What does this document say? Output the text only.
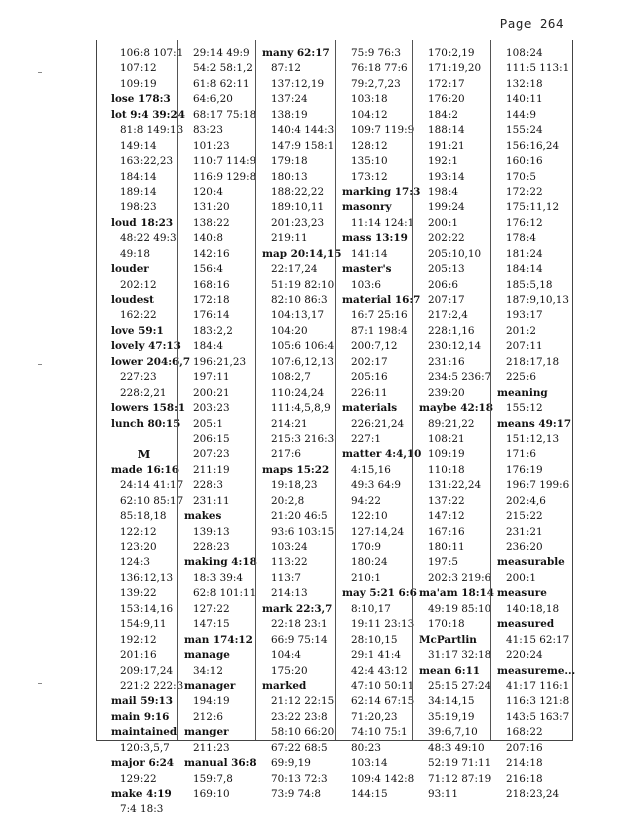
Page 264
106:8 107:1
107:12
109:19
lose 178:3
lot 9:4 39:24
81:8 149:13
149:14
163:22,23
184:14
189:14
198:23
loud 18:23
48:22 49:3
49:18
louder
202:12
loudest
162:22
love 59:1
lovely 47:13
lower 204:6,7
227:23
228:2,21
lowers 158:1
lunch 80:15
M
made 16:16
24:14 41:17
62:10 85:17
85:18,18
122:12
123:20
124:3
136:12,13
139:22
153:14,16
154:9,11
192:12
201:16
209:17,24
221:2 222:3
mail 59:13
main 9:16
maintained
120:3,5,7
major 6:24
129:22
make 4:19
7:4 18:3
29:14 49:9
54:2 58:1,2
61:8 62:11
64:6,20
68:17 75:18
83:23
101:23
110:7 114:9
116:9 129:8
120:4
131:20
138:22
140:8
142:16
156:4
168:16
172:18
176:14
183:2,2
184:4
196:21,23
197:11
200:21
203:23
205:1
206:15
207:23
211:19
228:3
231:11
makes
139:13
228:23
making 4:18
18:3 39:4
62:8 101:11
127:22
147:15
man 174:12
manage
34:12
manager
194:19
212:6
manger
211:23
manual 36:8
159:7,8
169:10
many 62:17
87:12
137:12,19
137:24
138:19
140:4 144:3
147:9 158:1
179:18
180:13
188:22,22
189:10,11
201:23,23
219:11
map 20:14,15
22:17,24
51:19 82:10
82:10 86:3
104:13,17
104:20
105:6 106:4
107:6,12,13
108:2,7
110:24,24
111:4,5,8,9
214:21
215:3 216:3
217:6
maps 15:22
19:18,23
20:2,8
21:20 46:5
93:6 103:15
103:24
113:22
113:7
214:13
mark 22:3,7
22:18 23:1
66:9 75:14
104:4
175:20
marked
21:12 22:15
23:22 23:8
58:10 66:20
67:22 68:5
69:9,19
70:13 72:3
73:9 74:8
75:9 76:3
76:18 77:6
79:2,7,23
103:18
104:12
109:7 119:9
128:12
135:10
173:12
marking 17:3
masonry
11:14 124:1
mass 13:19
141:14
master's
103:6
material 16:7
16:7 25:16
87:1 198:4
200:7,12
202:17
205:16
226:11
materials
226:21,24
227:1
matter 4:4,10
4:15,16
49:3 64:9
94:22
122:10
127:14,24
170:9
180:24
210:1
may 5:21 6:6
8:10,17
19:11 23:13
28:10,15
29:1 41:4
42:4 43:12
47:10 50:11
62:14 67:15
71:20,23
74:10 75:1
80:23
103:14
109:4 142:8
144:15
170:2,19
171:19,20
172:17
176:20
184:2
188:14
191:21
192:1
193:14
198:4
199:24
200:1
202:22
205:10,10
205:13
206:6
207:17
217:2,4
228:1,16
230:12,14
231:16
234:5 236:7
239:20
maybe 42:18
89:21,22
108:21
109:19
110:18
131:22,24
137:22
147:12
167:16
180:11
197:5
202:3 219:6
ma'am 18:14
49:19 85:10
170:18
McPartlin
31:17 32:18
mean 6:11
25:15 27:24
34:14,15
35:19,19
39:6,7,10
48:3 49:10
52:19 71:11
71:12 87:19
93:11
108:24
111:5 113:1
132:18
140:11
144:9
155:24
156:16,24
160:16
170:5
172:22
175:11,12
176:12
178:4
181:24
184:14
185:5,18
187:9,10,13
193:17
201:2
207:11
218:17,18
225:6
meaning
155:12
means 49:17
151:12,13
171:6
176:19
196:7 199:6
202:4,6
215:22
231:21
236:20
measurable
200:1
measure
140:18,18
measured
41:15 62:17
220:24
measureme...
41:17 116:1
116:3 121:8
143:5 163:7
168:22
207:16
214:18
216:18
218:23,24
